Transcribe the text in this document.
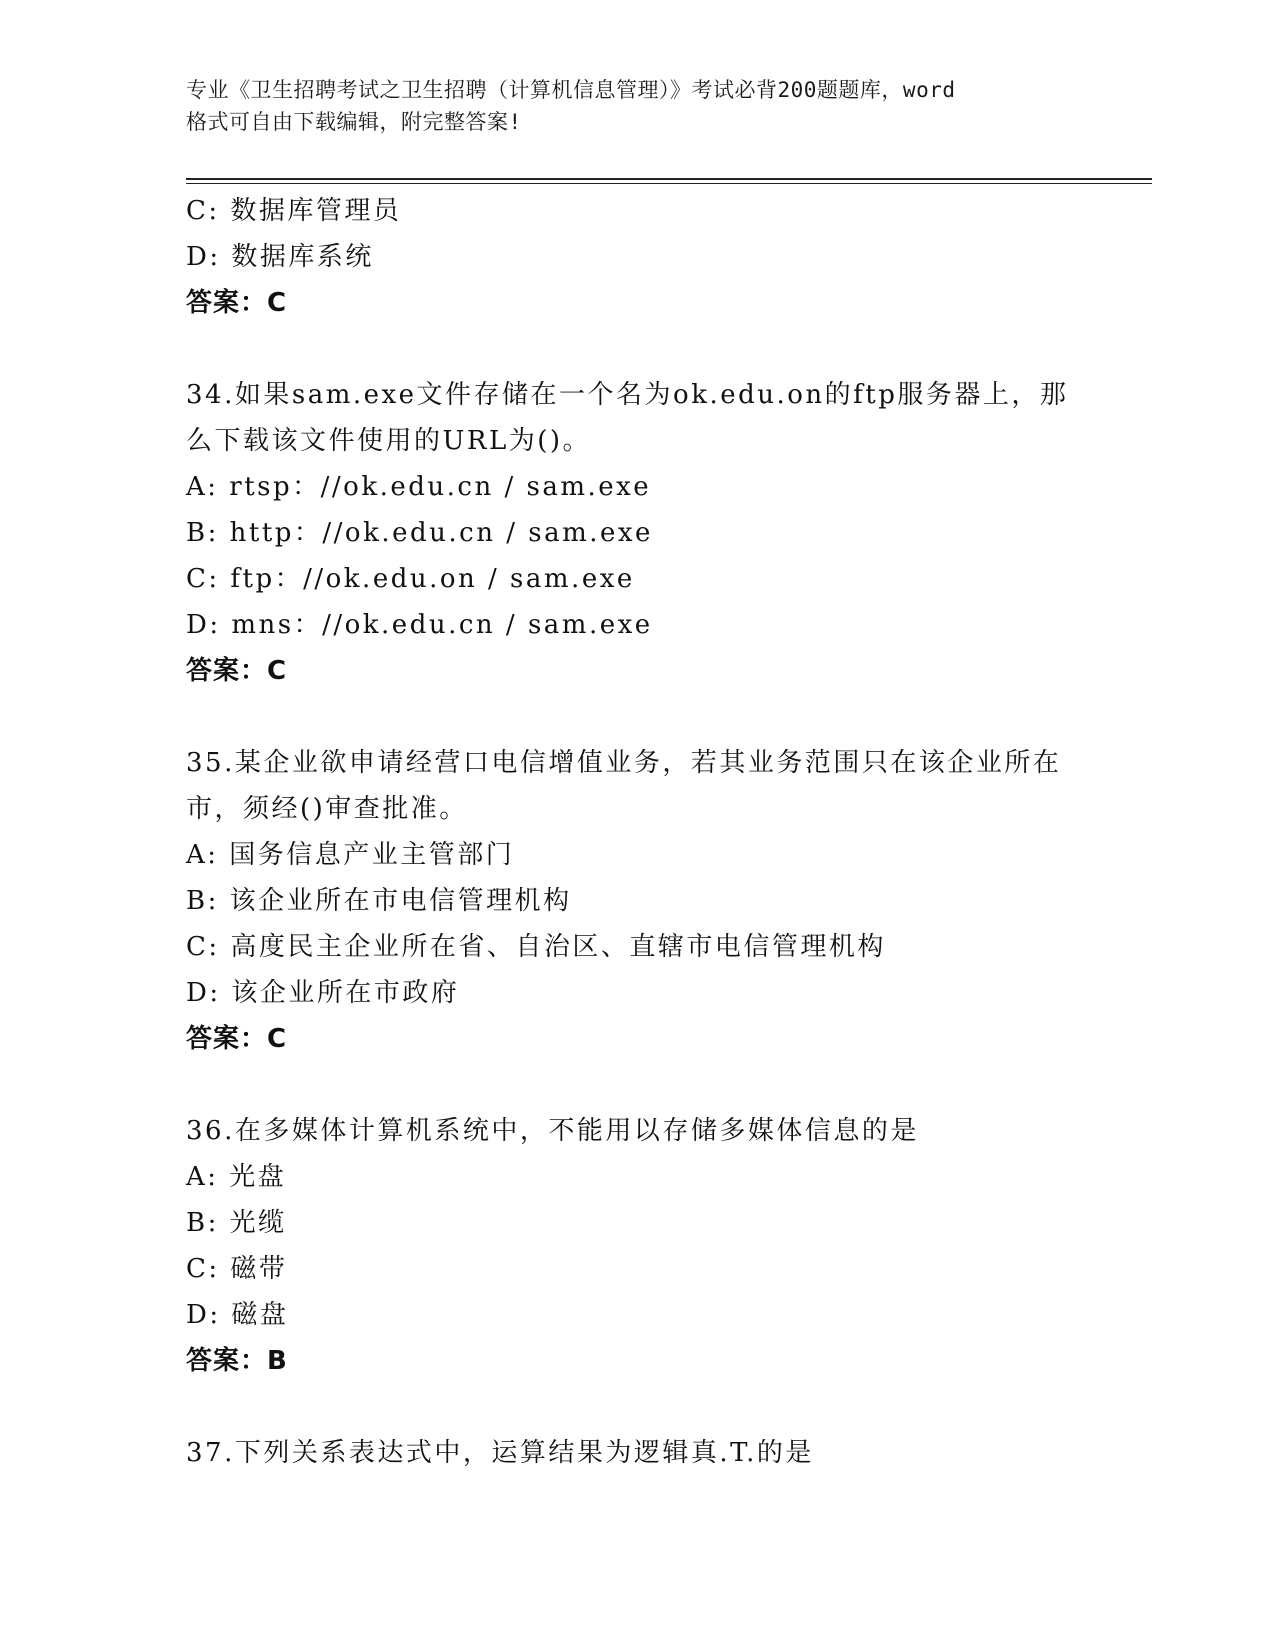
专业《卫生招聘考试之卫生招聘（计算机信息管理）》考试必背200题题库，word
格式可自由下载编辑，附完整答案!
C: 数据库管理员
D: 数据库系统
答案：C
34.如果sam.exe文件存储在一个名为ok.edu.on的ftp服务器上，那
么下载该文件使用的URL为()。
A: rtsp：//ok.edu.cn / sam.exe
B: http：//ok.edu.cn / sam.exe
C: ftp：//ok.edu.on / sam.exe
D: mns：//ok.edu.cn / sam.exe
答案：C
35.某企业欲申请经营口电信增值业务，若其业务范围只在该企业所在
市，须经()审查批准。
A: 国务信息产业主管部门
B: 该企业所在市电信管理机构
C: 高度民主企业所在省、自治区、直辖市电信管理机构
D: 该企业所在市政府
答案：C
36.在多媒体计算机系统中，不能用以存储多媒体信息的是
A: 光盘
B: 光缆
C: 磁带
D: 磁盘
答案：B
37.下列关系表达式中，运算结果为逻辑真.T.的是
